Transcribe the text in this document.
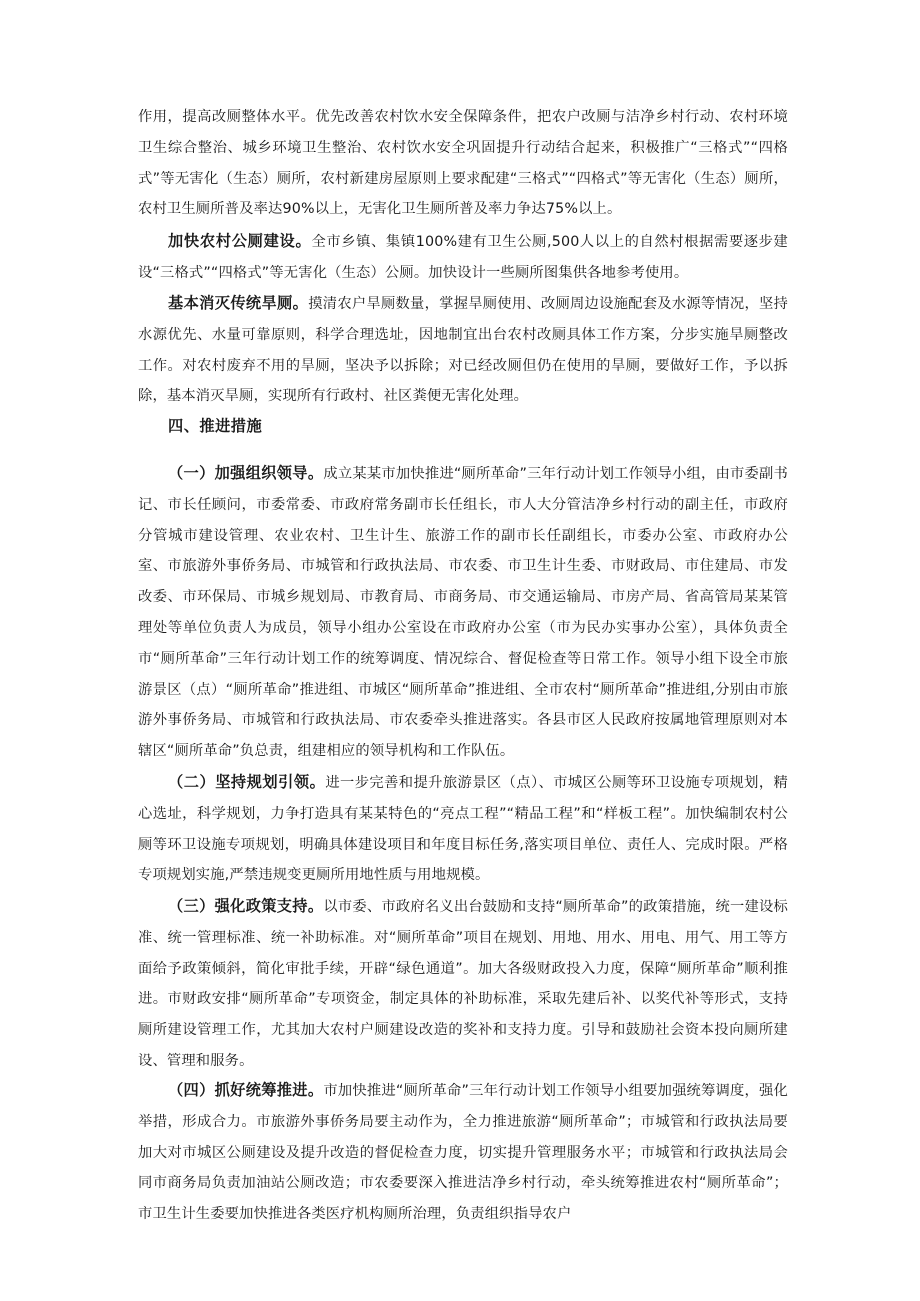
作用，提高改厕整体水平。优先改善农村饮水安全保障条件，把农户改厕与洁净乡村行动、农村环境卫生综合整治、城乡环境卫生整治、农村饮水安全巩固提升行动结合起来，积极推广“三格式”“四格式”等无害化（生态）厕所，农村新建房屋原则上要求配建“三格式”“四格式”等无害化（生态）厕所，农村卫生厕所普及率达90%以上，无害化卫生厕所普及率力争达75%以上。

加快农村公厕建设。全市乡镇、集镇100%建有卫生公厕,500人以上的自然村根据需要逐步建设“三格式”“四格式”等无害化（生态）公厕。加快设计一些厕所图集供各地参考使用。

基本消灭传统旱厕。摸清农户旱厕数量，掌握旱厕使用、改厕周边设施配套及水源等情况，坚持水源优先、水量可靠原则，科学合理选址，因地制宜出台农村改厕具体工作方案，分步实施旱厕整改工作。对农村废弃不用的旱厕，坚决予以拆除；对已经改厕但仍在使用的旱厕，要做好工作，予以拆除，基本消灭旱厕，实现所有行政村、社区粪便无害化处理。

四、推进措施

（一）加强组织领导。成立某某市加快推进“厕所革命”三年行动计划工作领导小组，由市委副书记、市长任顾问，市委常委、市政府常务副市长任组长，市人大分管洁净乡村行动的副主任，市政府分管城市建设管理、农业农村、卫生计生、旅游工作的副市长任副组长，市委办公室、市政府办公室、市旅游外事侨务局、市城管和行政执法局、市农委、市卫生计生委、市财政局、市住建局、市发改委、市环保局、市城乡规划局、市教育局、市商务局、市交通运输局、市房产局、省高管局某某管理处等单位负责人为成员，领导小组办公室设在市政府办公室（市为民办实事办公室），具体负责全市“厕所革命”三年行动计划工作的统筹调度、情况综合、督促检查等日常工作。领导小组下设全市旅游景区（点）“厕所革命”推进组、市城区“厕所革命”推进组、全市农村“厕所革命”推进组,分别由市旅游外事侨务局、市城管和行政执法局、市农委牵头推进落实。各县市区人民政府按属地管理原则对本辖区“厕所革命”负总责，组建相应的领导机构和工作队伍。

（二）坚持规划引领。进一步完善和提升旅游景区（点）、市城区公厕等环卫设施专项规划，精心选址，科学规划，力争打造具有某某特色的“亮点工程”“精品工程”和“样板工程”。加快编制农村公厕等环卫设施专项规划，明确具体建设项目和年度目标任务,落实项目单位、责任人、完成时限。严格专项规划实施,严禁违规变更厕所用地性质与用地规模。

（三）强化政策支持。以市委、市政府名义出台鼓励和支持“厕所革命”的政策措施，统一建设标准、统一管理标准、统一补助标准。对“厕所革命”项目在规划、用地、用水、用电、用气、用工等方面给予政策倾斜，简化审批手续，开辟“绿色通道”。加大各级财政投入力度，保障“厕所革命”顺利推进。市财政安排“厕所革命”专项资金，制定具体的补助标准，采取先建后补、以奖代补等形式，支持厕所建设管理工作，尤其加大农村户厕建设改造的奖补和支持力度。引导和鼓励社会资本投向厕所建设、管理和服务。

（四）抓好统筹推进。市加快推进“厕所革命”三年行动计划工作领导小组要加强统筹调度，强化举措，形成合力。市旅游外事侨务局要主动作为，全力推进旅游“厕所革命”；市城管和行政执法局要加大对市城区公厕建设及提升改造的督促检查力度，切实提升管理服务水平；市城管和行政执法局会同市商务局负责加油站公厕改造；市农委要深入推进洁净乡村行动，牵头统筹推进农村“厕所革命”；市卫生计生委要加快推进各类医疗机构厕所治理，负责组织指导农户
